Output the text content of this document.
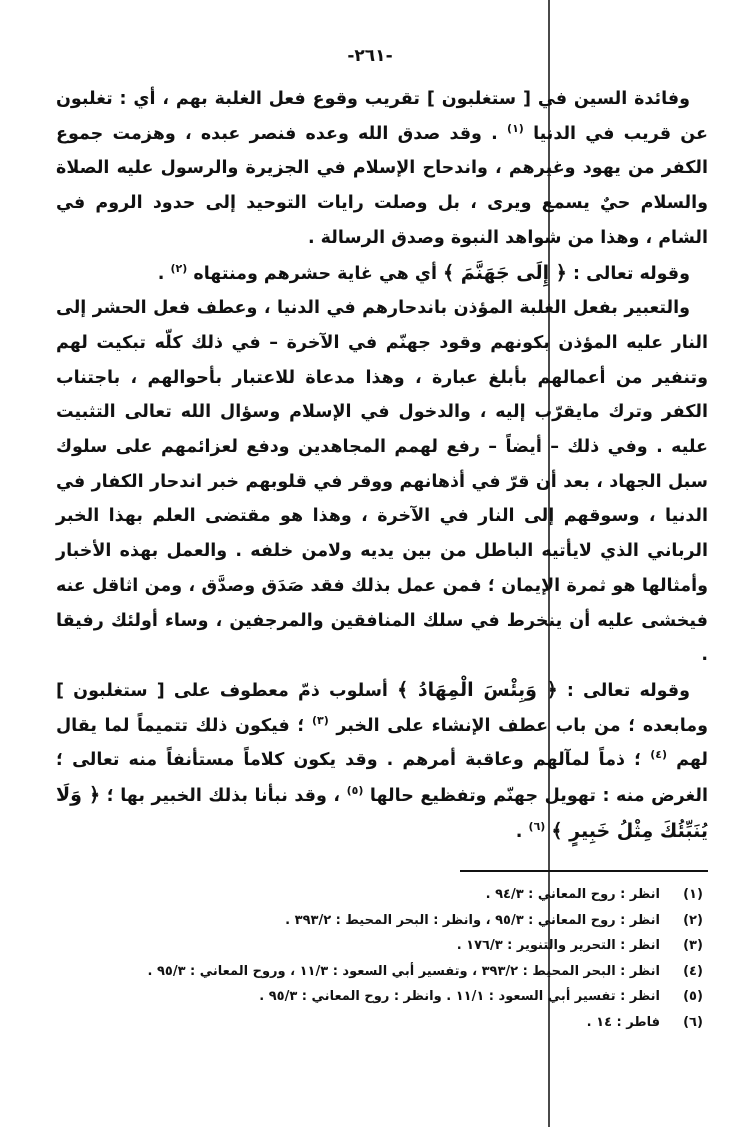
-٢٦١-

وفائدة السين في [ ستغلبون ] تقريب وقوع فعل الغلبة بهم ، أي : تغلبون عن قريب في الدنيا $^{(١)}$ . وقد صدق الله وعده فنصر عبده ، وهزمت جموع الكفر من يهود وغيرهم ، واندحاح الإسلام في الجزيرة والرسول عليه الصلاة والسلام حيٌ يسمع ويرى ، بل وصلت رايات التوحيد إلى حدود الروم في الشام ، وهذا من شواهد النبوة وصدق الرسالة .

وقوله تعالى : ﴿ إِلَى جَهَنَّمَ ﴾ أي هي غاية حشرهم ومنتهاه $^{(٢)}$ .

والتعبير بفعل الغلبة المؤذن باندحارهم في الدنيا ، وعطف فعل الحشر إلى النار عليه المؤذن بكونهم وقود جهنّم في الآخرة – في ذلك كلّه تبكيت لهم وتنفير من أعمالهم بأبلغ عبارة ، وهذا مدعاة للاعتبار بأحوالهم ، باجتناب الكفر وترك مايقرّب إليه ، والدخول في الإسلام وسؤال الله تعالى التثبيت عليه . وفي ذلك – أيضاً – رفع لهمم المجاهدين ودفع لعزائمهم على سلوك سبل الجهاد ، بعد أن قرّ في أذهانهم ووقر في قلوبهم خبر اندحار الكفار في الدنيا ، وسوقهم إلى النار في الآخرة ، وهذا هو مقتضى العلم بهذا الخبر الرباني الذي لايأتيه الباطل من بين يديه ولامن خلفه . والعمل بهذه الأخبار وأمثالها هو ثمرة الإيمان ؛ فمن عمل بذلك فقد صَدَق وصدَّق ، ومن اثاقل عنه فيخشى عليه أن ينخرط في سلك المنافقين والمرجفين ، وساء أولئك رفيقا .

وقوله تعالى : ﴿ وَبِئْسَ الْمِهَادُ ﴾ أسلوب ذمّ معطوف على [ ستغلبون ] ومابعده ؛ من باب عطف الإنشاء على الخبر $^{(٣)}$ ؛ فيكون ذلك تتميماً لما يقال لهم $^{(٤)}$ ؛ ذماً لمآلهم وعاقبة أمرهم . وقد يكون كلاماً مستأنفاً منه تعالى ؛ الغرض منه : تهويل جهنّم وتفظيع حالها $^{(٥)}$ ، وقد نبأنا بذلك الخبير بها ؛ ﴿ وَلَا يُنَبِّئُكَ مِثْلُ خَبِيرٍ ﴾ $^{(٦)}$ .

(١)
انظر : روح المعاني : ٩٤/٣ .
(٢)
انظر : روح المعاني : ٩٥/٣ ، وانظر : البحر المحيط : ٣٩٣/٢ .
(٣)
انظر : التحرير والتنوير : ١٧٦/٣ .
(٤)
انظر : البحر المحيط : ٣٩٣/٢ ، وتفسير أبي السعود : ١١/٣ ، وروح المعاني : ٩٥/٣ .
(٥)
انظر : تفسير أبي السعود : ١١/١ . وانظر : روح المعاني : ٩٥/٣ .
(٦)
فاطر : ١٤ .
